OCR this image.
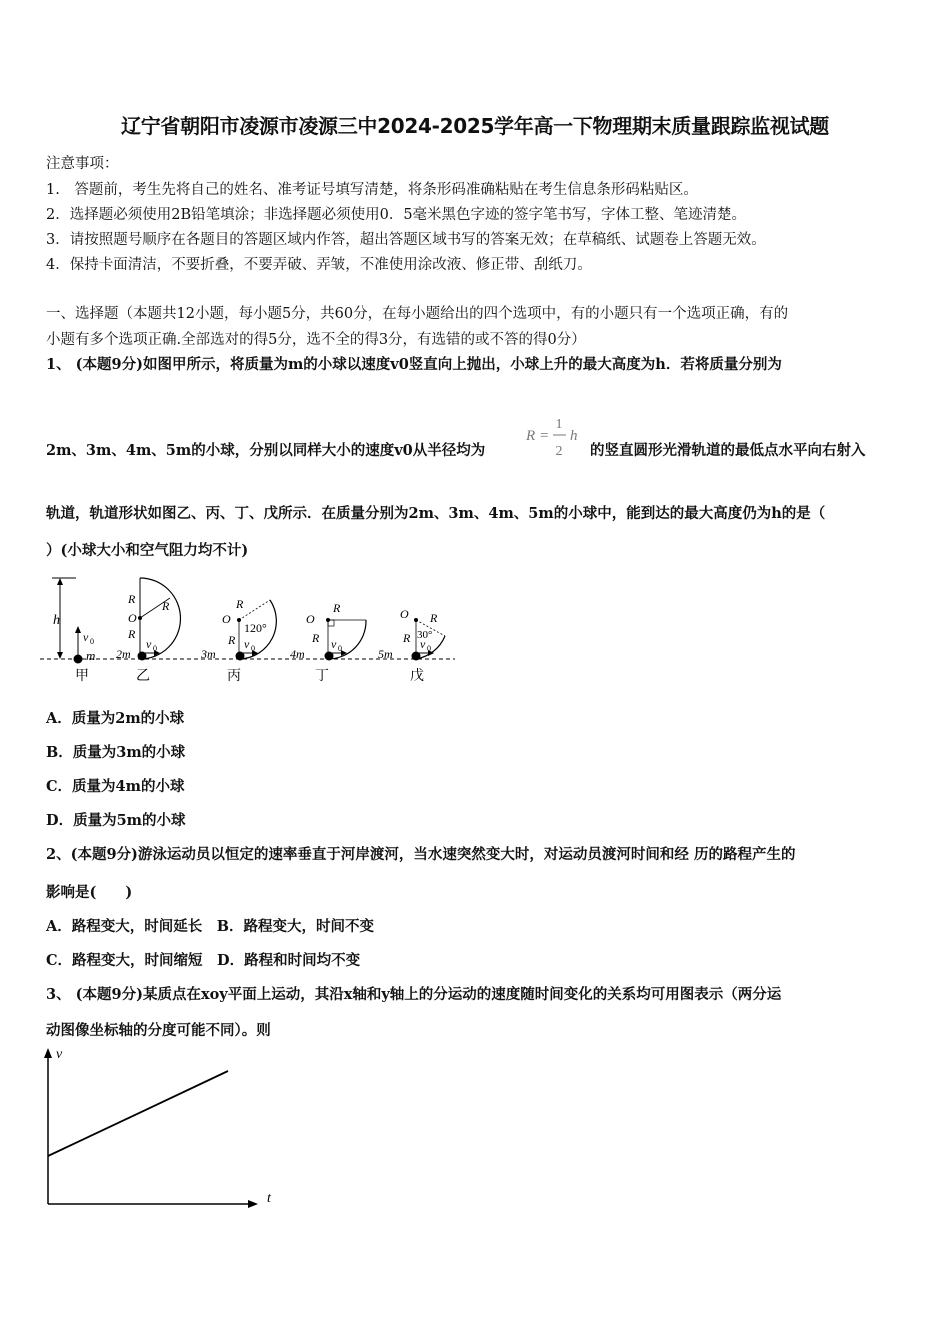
辽宁省朝阳市凌源市凌源三中2024-2025学年高一下物理期末质量跟踪监视试题
注意事项：
1.　答题前，考生先将自己的姓名、准考证号填写清楚，将条形码准确粘贴在考生信息条形码粘贴区。
2．选择题必须使用2B铅笔填涂；非选择题必须使用0．5毫米黑色字迹的签字笔书写，字体工整、笔迹清楚。
3．请按照题号顺序在各题目的答题区域内作答，超出答题区域书写的答案无效；在草稿纸、试题卷上答题无效。
4．保持卡面清洁，不要折叠，不要弄破、弄皱，不准使用涂改液、修正带、刮纸刀。
一、选择题（本题共12小题，每小题5分，共60分，在每小题给出的四个选项中，有的小题只有一个选项正确，有的
小题有多个选项正确.全部选对的得5分，选不全的得3分，有选错的或不答的得0分）
1、 (本题9分)如图甲所示，将质量为m的小球以速度v0竖直向上抛出，小球上升的最大高度为h．若将质量分别为
2m、3m、4m、5m的小球，分别以同样大小的速度v0从半径均为
R =
1
2
h
的竖直圆形光滑轨道的最低点水平向右射入
轨道，轨道形状如图乙、丙、丁、戊所示．在质量分别为2m、3m、4m、5m的小球中，能到达的最大高度仍为h的是（
）(小球大小和空气阻力均不计)
h
v 0
m
甲
R
O
R
R
v 0
2m
乙
O
R
R
120°
v 0
3m
丙
O
R
R v 0
4m
丁
O R
R 30°
v 0
5m
戊
A．质量为2m的小球
B．质量为3m的小球
C．质量为4m的小球
D．质量为5m的小球
2、(本题9分)游泳运动员以恒定的速率垂直于河岸渡河，当水速突然变大时，对运动员渡河时间和经 历的路程产生的
影响是(　　)
A．路程变大，时间延长　B．路程变大，时间不变
C．路程变大，时间缩短　D．路程和时间均不变
3、 (本题9分)某质点在xoy平面上运动，其沿x轴和y轴上的分运动的速度随时间变化的关系均可用图表示（两分运
动图像坐标轴的分度可能不同）。则
v
t
